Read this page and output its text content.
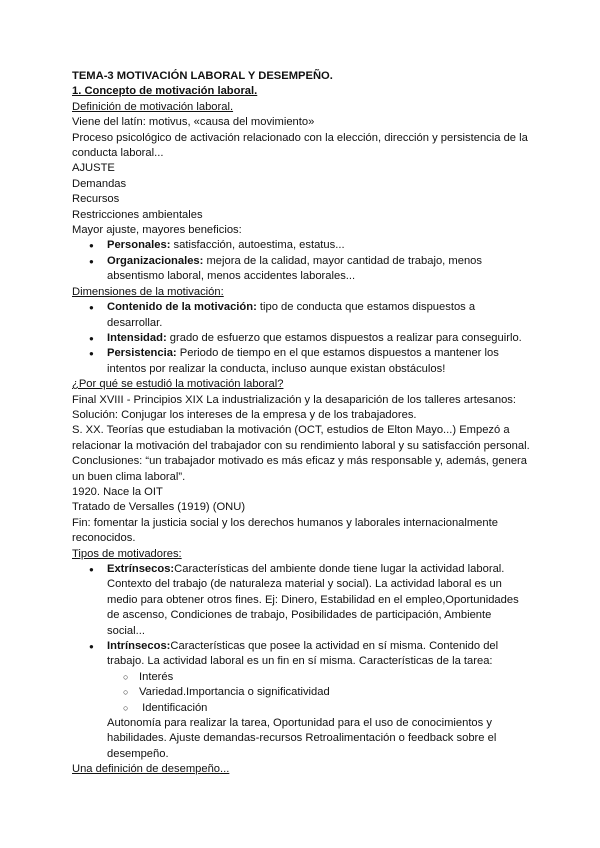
TEMA-3 MOTIVACIÓN LABORAL Y DESEMPEÑO.
1. Concepto de motivación laboral.
Definición de motivación laboral.
Viene del latín: motivus, «causa del movimiento»
Proceso psicológico de activación relacionado con la elección, dirección y persistencia de la
conducta laboral...
AJUSTE
Demandas
Recursos
Restricciones ambientales
Mayor ajuste, mayores beneficios:
● Personales: satisfacción, autoestima, estatus...
● Organizacionales: mejora de la calidad, mayor cantidad de trabajo, menos
absentismo laboral, menos accidentes laborales...
Dimensiones de la motivación:
● Contenido de la motivación: tipo de conducta que estamos dispuestos a
desarrollar.
● Intensidad: grado de esfuerzo que estamos dispuestos a realizar para conseguirlo.
● Persistencia: Periodo de tiempo en el que estamos dispuestos a mantener los
intentos por realizar la conducta, incluso aunque existan obstáculos!
¿Por qué se estudió la motivación laboral?
Final XVIII - Principios XIX La industrialización y la desaparición de los talleres artesanos:
Solución: Conjugar los intereses de la empresa y de los trabajadores.
S. XX. Teorías que estudiaban la motivación (OCT, estudios de Elton Mayo...) Empezó a
relacionar la motivación del trabajador con su rendimiento laboral y su satisfacción personal.
Conclusiones: “un trabajador motivado es más eficaz y más responsable y, además, genera
un buen clima laboral”.
1920. Nace la OIT
Tratado de Versalles (1919) (ONU)
Fin: fomentar la justicia social y los derechos humanos y laborales internacionalmente
reconocidos.
Tipos de motivadores:
● Extrínsecos:Características del ambiente donde tiene lugar la actividad laboral.
Contexto del trabajo (de naturaleza material y social). La actividad laboral es un
medio para obtener otros fines. Ej: Dinero, Estabilidad en el empleo,Oportunidades
de ascenso, Condiciones de trabajo, Posibilidades de participación, Ambiente
social...
● Intrínsecos:Características que posee la actividad en sí misma. Contenido del
trabajo. La actividad laboral es un fin en sí misma. Características de la tarea:
○ Interés
○ Variedad.Importancia o significatividad
○  Identificación
Autonomía para realizar la tarea, Oportunidad para el uso de conocimientos y
habilidades. Ajuste demandas-recursos Retroalimentación o feedback sobre el
desempeño.
Una definición de desempeño...
